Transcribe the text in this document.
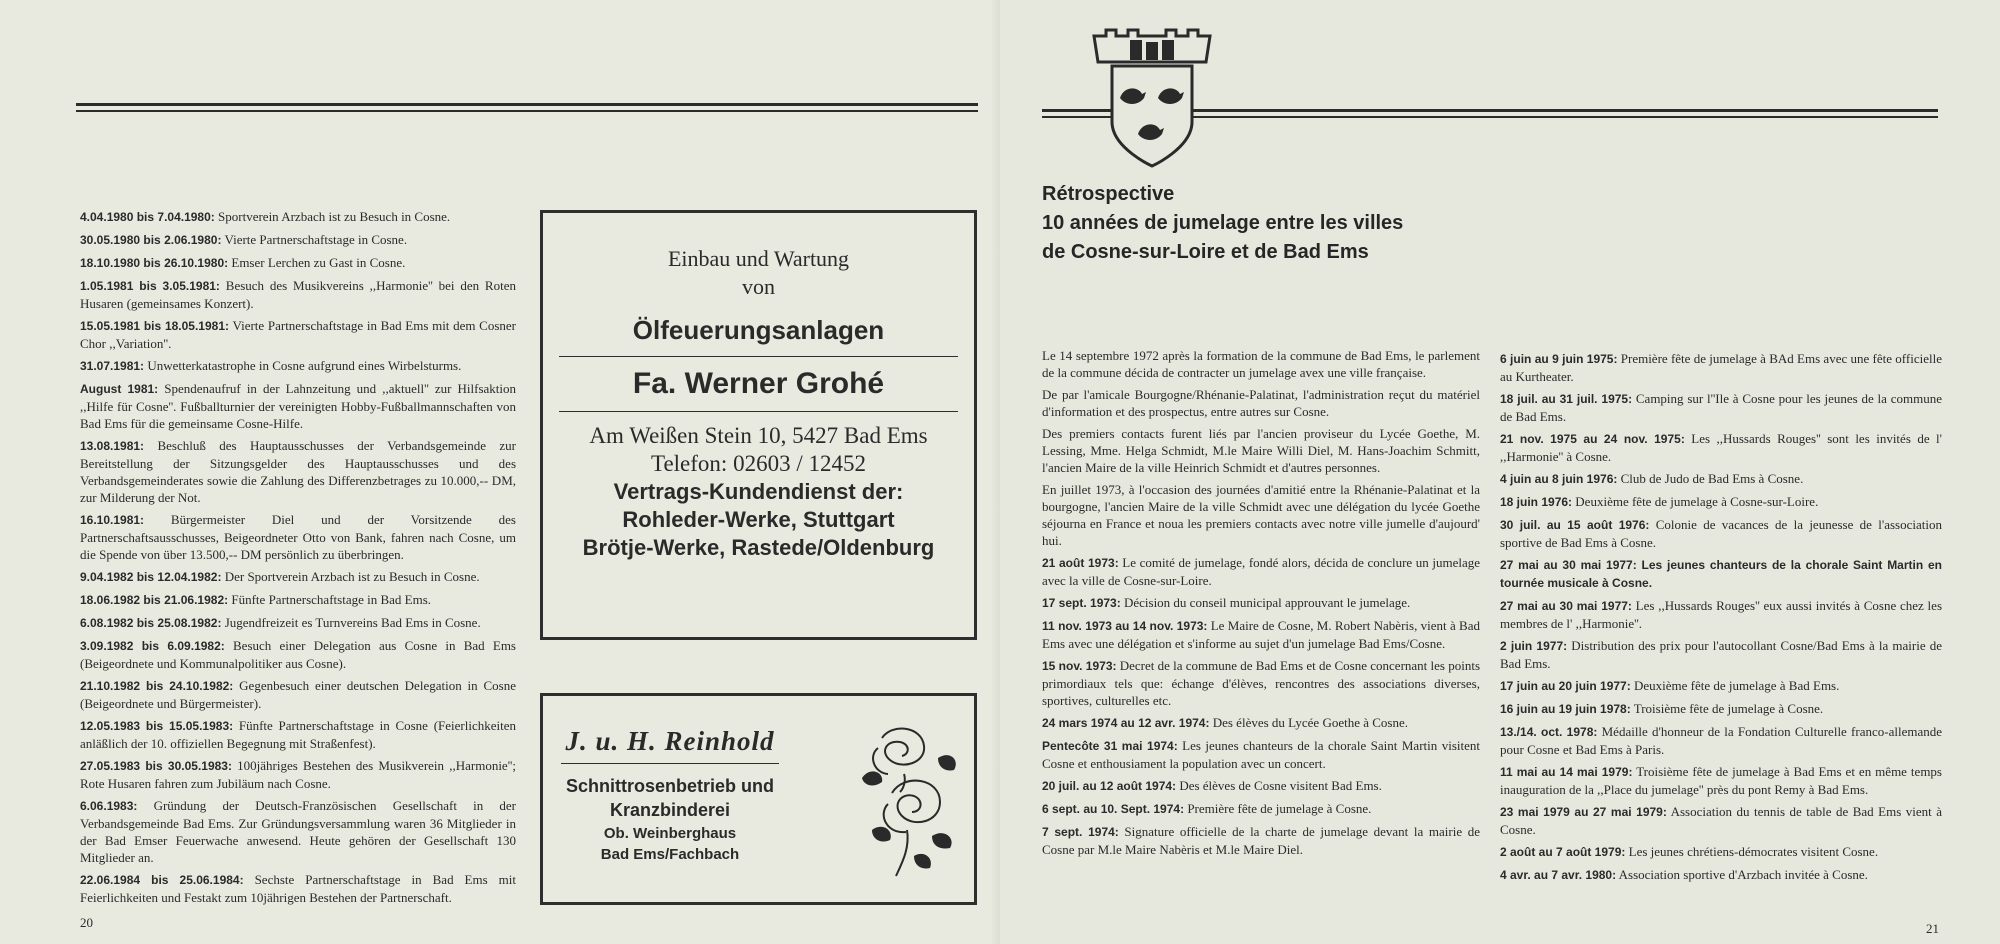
4.04.1980 bis 7.04.1980: Sportverein Arzbach ist zu Besuch in Cosne.

30.05.1980 bis 2.06.1980: Vierte Partnerschaftstage in Cosne.

18.10.1980 bis 26.10.1980: Emser Lerchen zu Gast in Cosne.

1.05.1981 bis 3.05.1981: Besuch des Musikvereins ,,Harmonie'' bei den Roten Husaren (gemeinsames Konzert).

15.05.1981 bis 18.05.1981: Vierte Partnerschaftstage in Bad Ems mit dem Cosner Chor ,,Variation''.

31.07.1981: Unwetterkatastrophe in Cosne aufgrund eines Wirbelsturms.

August 1981: Spendenaufruf in der Lahnzeitung und ,,aktuell'' zur Hilfsaktion ,,Hilfe für Cosne''. Fußballturnier der vereinigten Hobby-Fußballmannschaften von Bad Ems für die gemeinsame Cosne-Hilfe.

13.08.1981: Beschluß des Hauptausschusses der Verbandsgemeinde zur Bereitstellung der Sitzungsgelder des Hauptausschusses und des Verbandsgemeinderates sowie die Zahlung des Differenzbetrages zu 10.000,-- DM, zur Milderung der Not.

16.10.1981: Bürgermeister Diel und der Vorsitzende des Partnerschaftsausschusses, Beigeordneter Otto von Bank, fahren nach Cosne, um die Spende von über 13.500,-- DM persönlich zu überbringen.

9.04.1982 bis 12.04.1982: Der Sportverein Arzbach ist zu Besuch in Cosne.

18.06.1982 bis 21.06.1982: Fünfte Partnerschaftstage in Bad Ems.

6.08.1982 bis 25.08.1982: Jugendfreizeit es Turnvereins Bad Ems in Cosne.

3.09.1982 bis 6.09.1982: Besuch einer Delegation aus Cosne in Bad Ems (Beigeordnete und Kommunalpolitiker aus Cosne).

21.10.1982 bis 24.10.1982: Gegenbesuch einer deutschen Delegation in Cosne (Beigeordnete und Bürgermeister).

12.05.1983 bis 15.05.1983: Fünfte Partnerschaftstage in Cosne (Feierlichkeiten anläßlich der 10. offiziellen Begegnung mit Straßenfest).

27.05.1983 bis 30.05.1983: 100jähriges Bestehen des Musikverein ,,Harmonie''; Rote Husaren fahren zum Jubiläum nach Cosne.

6.06.1983: Gründung der Deutsch-Französischen Gesellschaft in der Verbandsgemeinde Bad Ems. Zur Gründungsversammlung waren 36 Mitglieder in der Bad Emser Feuerwache anwesend. Heute gehören der Gesellschaft 130 Mitglieder an.

22.06.1984 bis 25.06.1984: Sechste Partnerschaftstage in Bad Ems mit Feierlichkeiten und Festakt zum 10jährigen Bestehen der Partnerschaft.

Einbau und Wartung
von
Ölfeuerungsanlagen
Fa. Werner Grohé
Am Weißen Stein 10, 5427 Bad Ems
Telefon: 02603 / 12452
Vertrags-Kundendienst der:
Rohleder-Werke, Stuttgart
Brötje-Werke, Rastede/Oldenburg
J. u. H. Reinhold
Schnittrosenbetrieb und
Kranzbinderei
Ob. Weinberghaus
Bad Ems/Fachbach
20
Rétrospective
10 années de jumelage entre les villes
de Cosne-sur-Loire et de Bad Ems

Le 14 septembre 1972 après la formation de la commune de Bad Ems, le parlement de la commune décida de contracter un jumelage avex une ville française.

De par l'amicale Bourgogne/Rhénanie-Palatinat, l'administration reçut du matériel d'information et des prospectus, entre autres sur Cosne.

Des premiers contacts furent liés par l'ancien proviseur du Lycée Goethe, M. Lessing, Mme. Helga Schmidt, M.le Maire Willi Diel, M. Hans-Joachim Schmitt, l'ancien Maire de la ville Heinrich Schmidt et d'autres personnes.

En juillet 1973, à l'occasion des journées d'amitié entre la Rhénanie-Palatinat et la bourgogne, l'ancien Maire de la ville Schmidt avec une délégation du lycée Goethe séjourna en France et noua les premiers contacts avec notre ville jumelle d'aujourd' hui.

21 août 1973: Le comité de jumelage, fondé alors, décida de conclure un jumelage avec la ville de Cosne-sur-Loire.

17 sept. 1973: Décision du conseil municipal approuvant le jumelage.

11 nov. 1973 au 14 nov. 1973: Le Maire de Cosne, M. Robert Nabèris, vient à Bad Ems avec une délégation et s'informe au sujet d'un jumelage Bad Ems/Cosne.

15 nov. 1973: Decret de la commune de Bad Ems et de Cosne concernant les points primordiaux tels que: échange d'élèves, rencontres des associations diverses, sportives, culturelles etc.

24 mars 1974 au 12 avr. 1974: Des élèves du Lycée Goethe à Cosne.

Pentecôte 31 mai 1974: Les jeunes chanteurs de la chorale Saint Martin visitent Cosne et enthousiament la population avec un concert.

20 juil. au 12 août 1974: Des élèves de Cosne visitent Bad Ems.

6 sept. au 10. Sept. 1974: Première fête de jumelage à Cosne.

7 sept. 1974: Signature officielle de la charte de jumelage devant la mairie de Cosne par M.le Maire Nabèris et M.le Maire Diel.

6 juin au 9 juin 1975: Première fête de jumelage à BAd Ems avec une fête officielle au Kurtheater.

18 juil. au 31 juil. 1975: Camping sur l''Ile à Cosne pour les jeunes de la commune de Bad Ems.

21 nov. 1975 au 24 nov. 1975: Les ,,Hussards Rouges'' sont les invités de l' ,,Harmonie'' à Cosne.

4 juin au 8 juin 1976: Club de Judo de Bad Ems à Cosne.

18 juin 1976: Deuxième fête de jumelage à Cosne-sur-Loire.

30 juil. au 15 août 1976: Colonie de vacances de la jeunesse de l'association sportive de Bad Ems à Cosne.

27 mai au 30 mai 1977: Les jeunes chanteurs de la chorale Saint Martin en tournée musicale à Cosne.

27 mai au 30 mai 1977: Les ,,Hussards Rouges'' eux aussi invités à Cosne chez les membres de l' ,,Harmonie''.

2 juin 1977: Distribution des prix pour l'autocollant Cosne/Bad Ems à la mairie de Bad Ems.

17 juin au 20 juin 1977: Deuxième fête de jumelage à Bad Ems.

16 juin au 19 juin 1978: Troisième fête de jumelage à Cosne.

13./14. oct. 1978: Médaille d'honneur de la Fondation Culturelle franco-allemande pour Cosne et Bad Ems à Paris.

11 mai au 14 mai 1979: Troisième fête de jumelage à Bad Ems et en même temps inauguration de la ,,Place du jumelage'' près du pont Remy à Bad Ems.

23 mai 1979 au 27 mai 1979: Association du tennis de table de Bad Ems vient à Cosne.

2 août au 7 août 1979: Les jeunes chrétiens-démocrates visitent Cosne.

4 avr. au 7 avr. 1980: Association sportive d'Arzbach invitée à Cosne.

21
